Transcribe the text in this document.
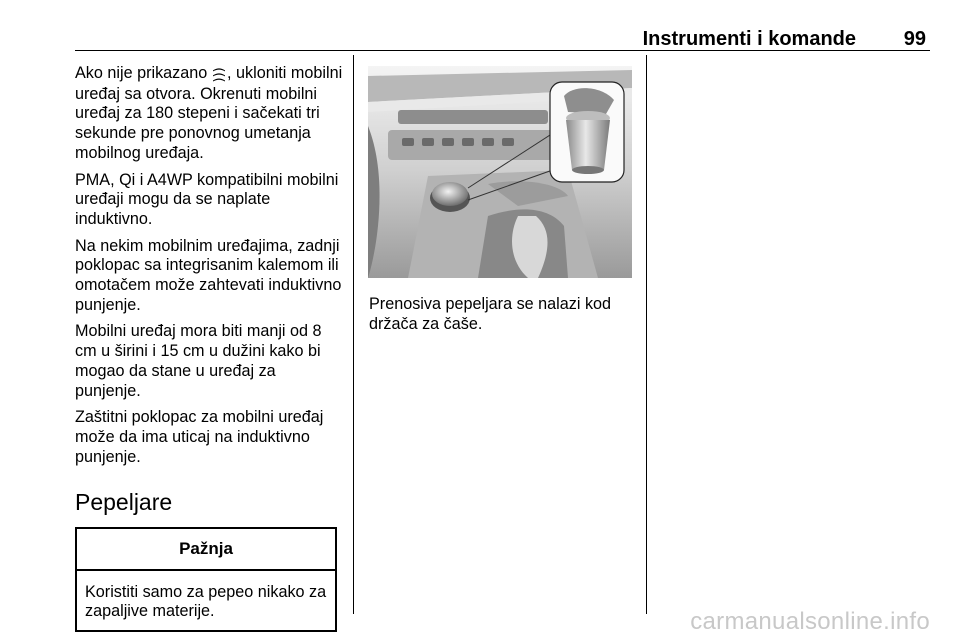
Instrumenti i komande 99

Ako nije prikazano ))), ukloniti mobilni uređaj sa otvora. Okrenuti mobilni uređaj za 180 stepeni i sačekati tri sekunde pre ponovnog umetanja mobilnog uređaja.

PMA, Qi i A4WP kompatibilni mobilni uređaji mogu da se naplate induktivno.

Na nekim mobilnim uređajima, zadnji poklopac sa integrisanim kalemom ili omotačem može zahtevati induktivno punjenje.

Mobilni uređaj mora biti manji od 8 cm u širini i 15 cm u dužini kako bi mogao da stane u uređaj za punjenje.

Zaštitni poklopac za mobilni uređaj može da ima uticaj na induktivno punjenje.

Pepeljare
Pažnja
Koristiti samo za pepeo nikako za zapaljive materije.
Prenosiva pepeljara se nalazi kod držača za čaše.
carmanualsonline.info
